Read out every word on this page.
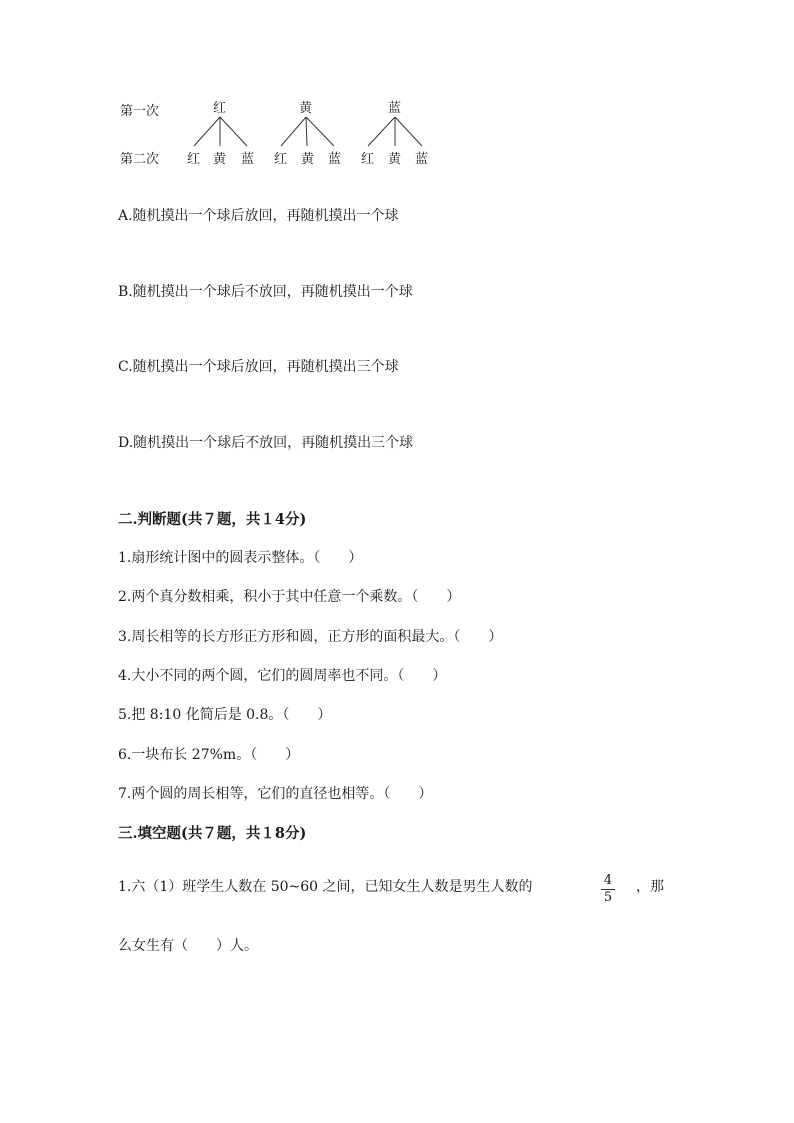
第一次
第二次
红	黄	蓝
红 黄 蓝 红 黄 蓝 红 黄 蓝
A.随机摸出一个球后放回，再随机摸出一个球
B.随机摸出一个球后不放回，再随机摸出一个球
C.随机摸出一个球后放回，再随机摸出三个球
D.随机摸出一个球后不放回，再随机摸出三个球
二.判断题(共７题，共１4分)
1.扇形统计图中的圆表示整体。（　　）
2.两个真分数相乘，积小于其中任意一个乘数。（　　）
3.周长相等的长方形正方形和圆，正方形的面积最大。（　　）
4.大小不同的两个圆，它们的圆周率也不同。（　　）
5.把 8:10 化简后是 0.8。（　　）
6.一块布长 27%m。（　　）
7.两个圆的周长相等，它们的直径也相等。（　　）
三.填空题(共７题，共１8分)
1.六（1）班学生人数在 50~60 之间，已知女生人数是男生人数的	4
5
，那
么女生有（　　）人。
